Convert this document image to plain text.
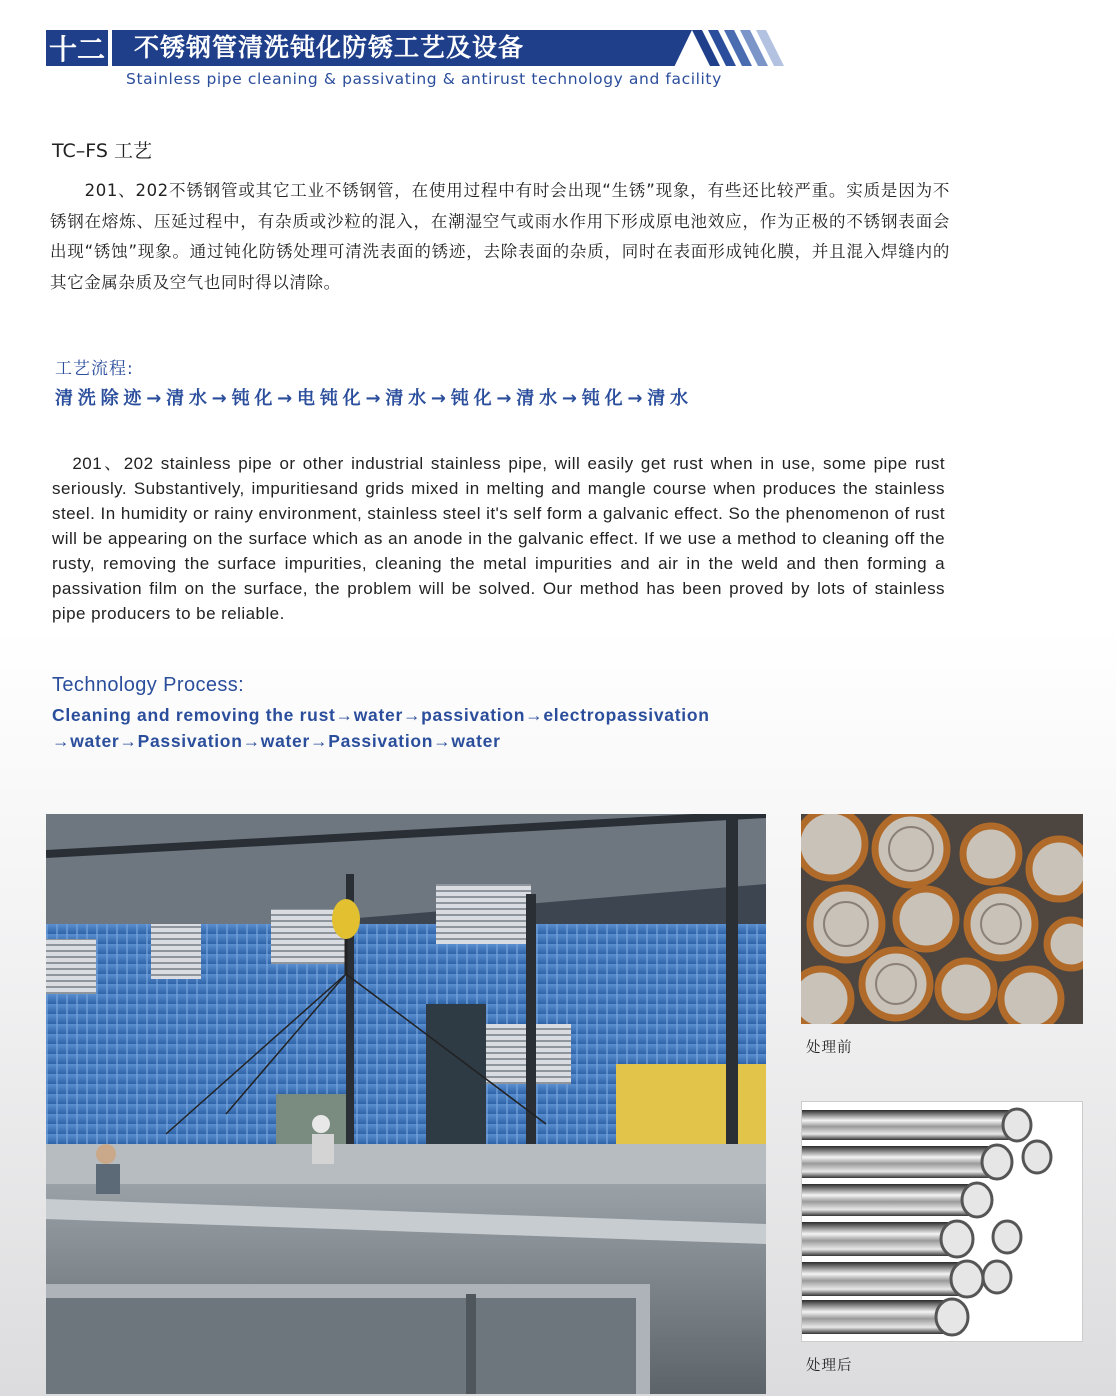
十二 不锈钢管清洗钝化防锈工艺及设备
Stainless pipe cleaning & passivating & antirust technology and facility
TC–FS 工艺
201、202不锈钢管或其它工业不锈钢管，在使用过程中有时会出现“生锈”现象，有些还比较严重。实质是因为不锈钢在熔炼、压延过程中，有杂质或沙粒的混入，在潮湿空气或雨水作用下形成原电池效应，作为正极的不锈钢表面会出现“锈蚀”现象。通过钝化防锈处理可清洗表面的锈迹，去除表面的杂质，同时在表面形成钝化膜，并且混入焊缝内的其它金属杂质及空气也同时得以清除。
工艺流程:
清洗除迹→清水→钝化→电钝化→清水→钝化→清水→钝化→清水
201、202 stainless pipe or other industrial stainless pipe, will easily get rust when in use, some pipe rust seriously. Substantively, impuritiesand grids mixed in melting and mangle course when produces the stainless steel. In humidity or rainy environment, stainless steel it's self form a galvanic effect. So the phenomenon of rust will be appearing on the surface which as an anode in the galvanic effect. If we use a method to cleaning off the rusty, removing the surface impurities, cleaning the metal impurities and air in the weld and then forming a passivation film on the surface, the problem will be solved. Our method has been proved by lots of stainless pipe producers to be reliable.
Technology Process:
Cleaning and removing the rust→water→passivation→electropassivation
→water→Passivation→water→Passivation→water
处理前
处理后
